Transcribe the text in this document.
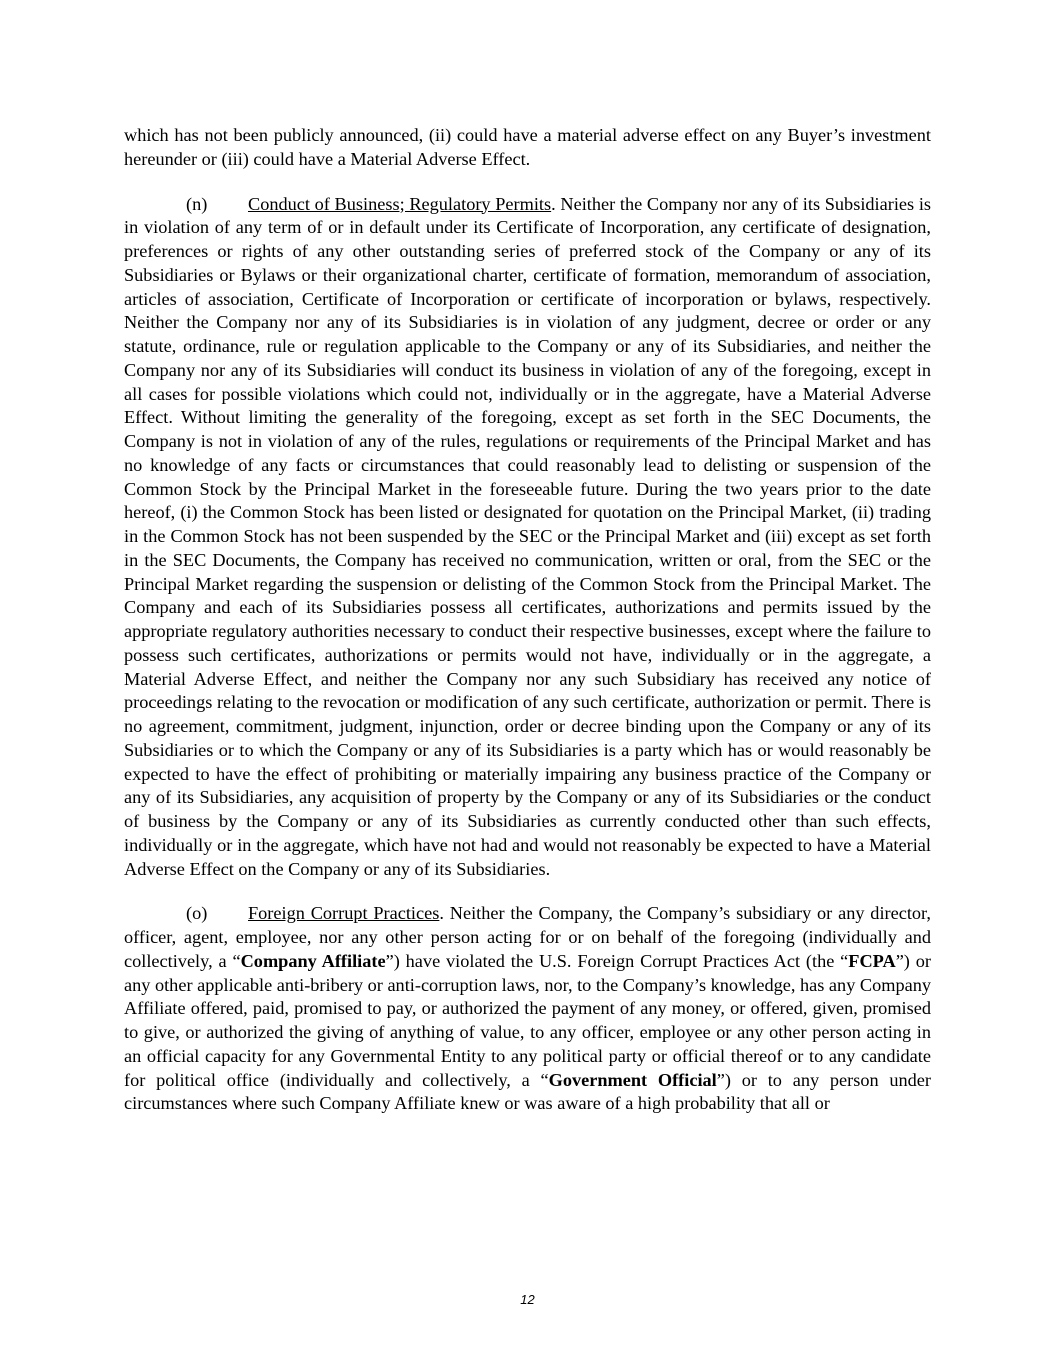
which has not been publicly announced, (ii) could have a material adverse effect on any Buyer’s investment hereunder or (iii) could have a Material Adverse Effect.

(n) Conduct of Business; Regulatory Permits. Neither the Company nor any of its Subsidiaries is in violation of any term of or in default under its Certificate of Incorporation, any certificate of designation, preferences or rights of any other outstanding series of preferred stock of the Company or any of its Subsidiaries or Bylaws or their organizational charter, certificate of formation, memorandum of association, articles of association, Certificate of Incorporation or certificate of incorporation or bylaws, respectively. Neither the Company nor any of its Subsidiaries is in violation of any judgment, decree or order or any statute, ordinance, rule or regulation applicable to the Company or any of its Subsidiaries, and neither the Company nor any of its Subsidiaries will conduct its business in violation of any of the foregoing, except in all cases for possible violations which could not, individually or in the aggregate, have a Material Adverse Effect. Without limiting the generality of the foregoing, except as set forth in the SEC Documents, the Company is not in violation of any of the rules, regulations or requirements of the Principal Market and has no knowledge of any facts or circumstances that could reasonably lead to delisting or suspension of the Common Stock by the Principal Market in the foreseeable future. During the two years prior to the date hereof, (i) the Common Stock has been listed or designated for quotation on the Principal Market, (ii) trading in the Common Stock has not been suspended by the SEC or the Principal Market and (iii) except as set forth in the SEC Documents, the Company has received no communication, written or oral, from the SEC or the Principal Market regarding the suspension or delisting of the Common Stock from the Principal Market. The Company and each of its Subsidiaries possess all certificates, authorizations and permits issued by the appropriate regulatory authorities necessary to conduct their respective businesses, except where the failure to possess such certificates, authorizations or permits would not have, individually or in the aggregate, a Material Adverse Effect, and neither the Company nor any such Subsidiary has received any notice of proceedings relating to the revocation or modification of any such certificate, authorization or permit. There is no agreement, commitment, judgment, injunction, order or decree binding upon the Company or any of its Subsidiaries or to which the Company or any of its Subsidiaries is a party which has or would reasonably be expected to have the effect of prohibiting or materially impairing any business practice of the Company or any of its Subsidiaries, any acquisition of property by the Company or any of its Subsidiaries or the conduct of business by the Company or any of its Subsidiaries as currently conducted other than such effects, individually or in the aggregate, which have not had and would not reasonably be expected to have a Material Adverse Effect on the Company or any of its Subsidiaries.

(o) Foreign Corrupt Practices. Neither the Company, the Company’s subsidiary or any director, officer, agent, employee, nor any other person acting for or on behalf of the foregoing (individually and collectively, a “Company Affiliate”) have violated the U.S. Foreign Corrupt Practices Act (the “FCPA”) or any other applicable anti-bribery or anti-corruption laws, nor, to the Company’s knowledge, has any Company Affiliate offered, paid, promised to pay, or authorized the payment of any money, or offered, given, promised to give, or authorized the giving of anything of value, to any officer, employee or any other person acting in an official capacity for any Governmental Entity to any political party or official thereof or to any candidate for political office (individually and collectively, a “Government Official”) or to any person under circumstances where such Company Affiliate knew or was aware of a high probability that all or

12
